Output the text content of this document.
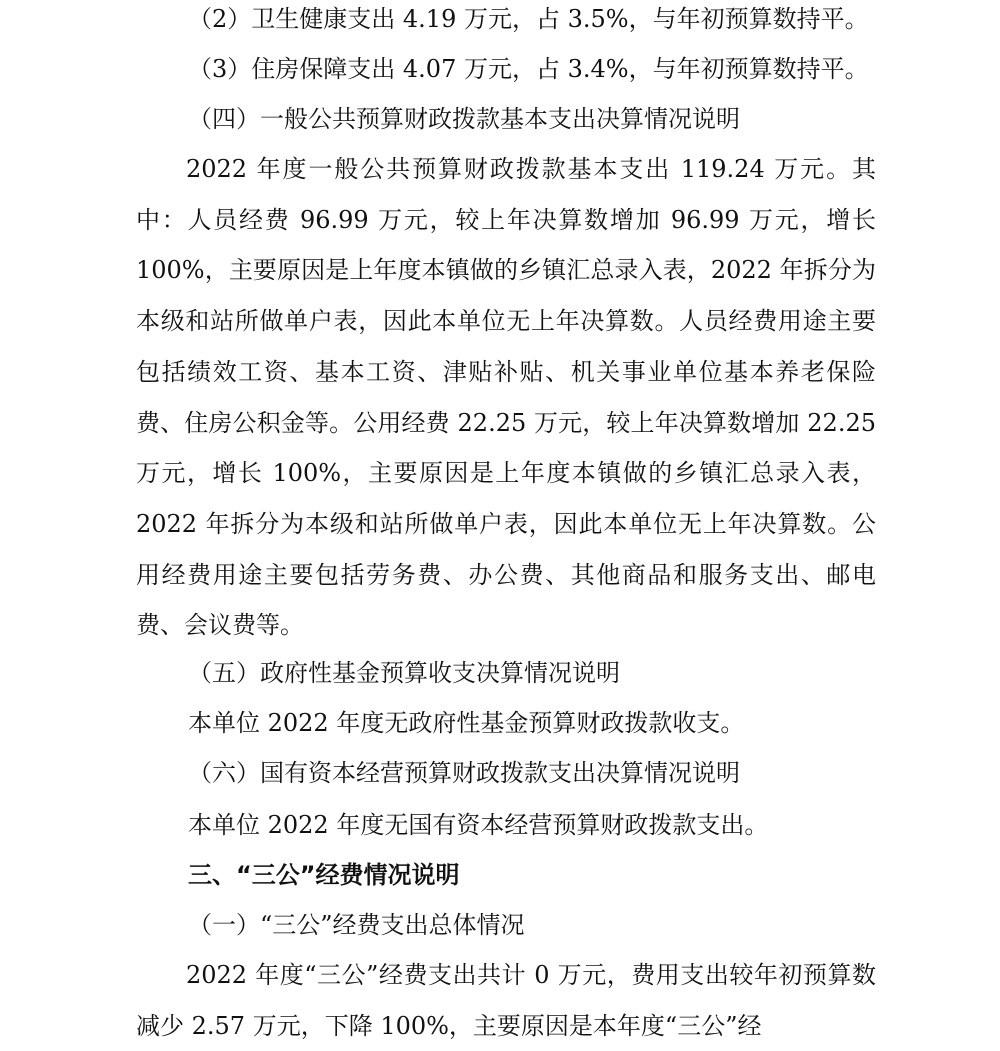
（2）卫生健康支出 4.19 万元，占 3.5%，与年初预算数持平。
（3）住房保障支出 4.07 万元，占 3.4%，与年初预算数持平。
（四）一般公共预算财政拨款基本支出决算情况说明
2022 年度一般公共预算财政拨款基本支出 119.24 万元。其中：人员经费 96.99 万元，较上年决算数增加 96.99 万元，增长 100%，主要原因是上年度本镇做的乡镇汇总录入表，2022 年拆分为本级和站所做单户表，因此本单位无上年决算数。人员经费用途主要包括绩效工资、基本工资、津贴补贴、机关事业单位基本养老保险费、住房公积金等。公用经费 22.25 万元，较上年决算数增加 22.25 万元，增长 100%，主要原因是上年度本镇做的乡镇汇总录入表，2022 年拆分为本级和站所做单户表，因此本单位无上年决算数。公用经费用途主要包括劳务费、办公费、其他商品和服务支出、邮电费、会议费等。
（五）政府性基金预算收支决算情况说明
本单位 2022 年度无政府性基金预算财政拨款收支。
（六）国有资本经营预算财政拨款支出决算情况说明
本单位 2022 年度无国有资本经营预算财政拨款支出。
三、“三公”经费情况说明
（一）“三公”经费支出总体情况
2022 年度“三公”经费支出共计 0 万元，费用支出较年初预算数减少 2.57 万元，下降 100%，主要原因是本年度“三公”经
